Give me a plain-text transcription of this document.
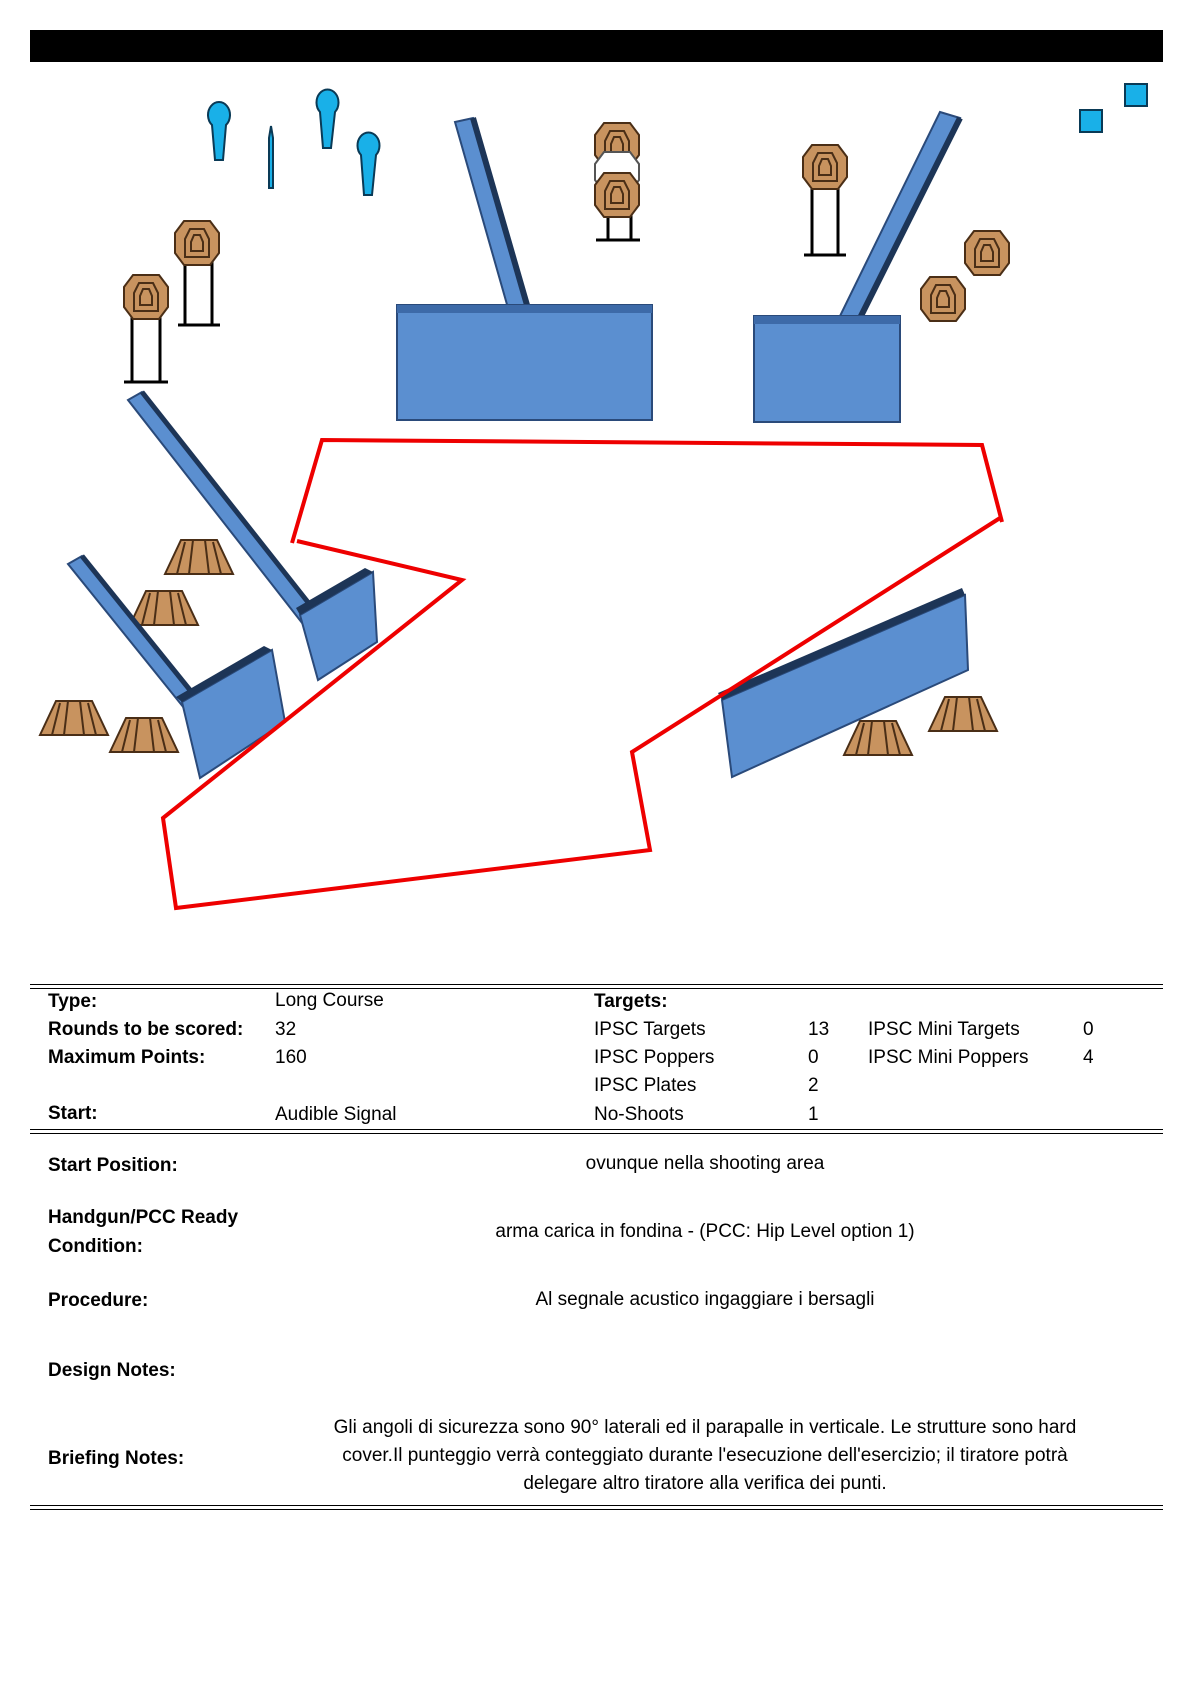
Type:	Long Course	Targets:
Rounds to be scored: 32	IPSC Targets	13 IPSC Mini Targets	0
Maximum Points:	160	IPSC Poppers	0	IPSC Mini Poppers	4
IPSC Plates	2
Start:	Audible Signal	No-Shoots	1
Start Position:	ovunque nella shooting area
Handgun/PCC Ready
Condition:
arma carica in fondina - (PCC: Hip Level option 1)
Procedure:	Al segnale acustico ingaggiare i bersagli
Design Notes:
Briefing Notes:
Gli angoli di sicurezza sono 90° laterali ed il parapalle in verticale. Le strutture sono hard
cover.Il punteggio verrà conteggiato durante l'esecuzione dell'esercizio; il tiratore potrà
delegare altro tiratore alla verifica dei punti.
